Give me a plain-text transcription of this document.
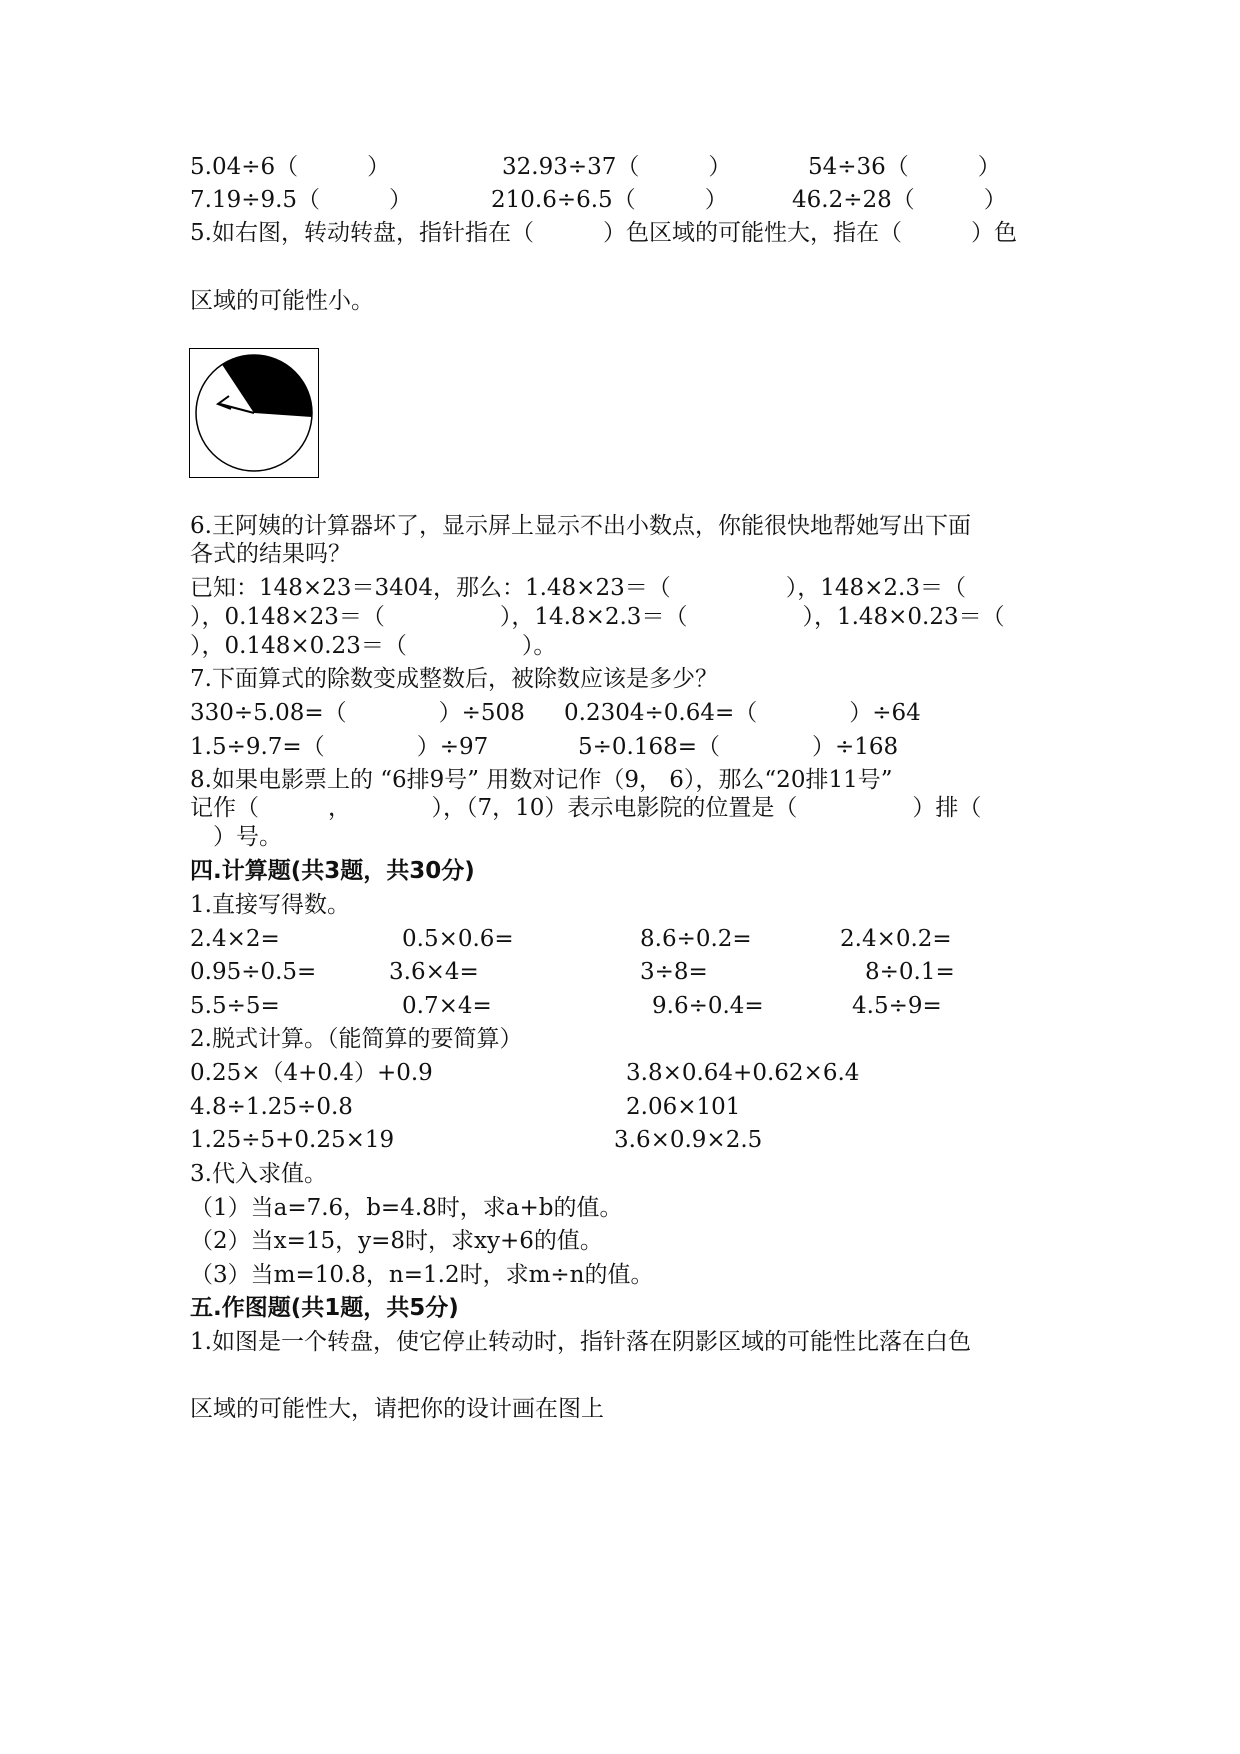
5.04÷6（　　　）	32.93÷37（　　　）	54÷36（　　　）
7.19÷9.5（　　　）	210.6÷6.5（　　　）	46.2÷28（　　　）
5.如右图，转动转盘，指针指在（　　　）色区域的可能性大，指在（　　　）色
区域的可能性小。
6.王阿姨的计算器坏了，显示屏上显示不出小数点，你能很快地帮她写出下面
各式的结果吗？
已知：148×23＝3404，那么：1.48×23＝（　　　　　），148×2.3＝（
），0.148×23＝（　　　　　），14.8×2.3＝（　　　　　），1.48×0.23＝（
），0.148×0.23＝（　　　　　）。
7.下面算式的除数变成整数后，被除数应该是多少？
330÷5.08=（　　　　）÷508 0.2304÷0.64=（　　　　）÷64
1.5÷9.7=（　　　　）÷97	5÷0.168=（　　　　）÷168
8.如果电影票上的 “6排9号” 用数对记作（9， 6），那么“20排11号”
记作（　　　，　　　　），（7，10）表示电影院的位置是（　　　　　）排（
　）号。
四.计算题(共3题，共30分)
1.直接写得数。
2.4×2=	0.5×0.6=	8.6÷0.2=	2.4×0.2=
0.95÷0.5=	3.6×4=	3÷8=	8÷0.1=
5.5÷5=	0.7×4=	9.6÷0.4=	4.5÷9=
2.脱式计算。（能简算的要简算）
0.25×（4+0.4）+0.9	3.8×0.64+0.62×6.4
4.8÷1.25÷0.8	2.06×101
1.25÷5+0.25×19	3.6×0.9×2.5
3.代入求值。
（1）当a=7.6，b=4.8时，求a+b的值。
（2）当x=15，y=8时，求xy+6的值。
（3）当m=10.8，n=1.2时，求m÷n的值。
五.作图题(共1题，共5分)
1.如图是一个转盘，使它停止转动时，指针落在阴影区域的可能性比落在白色
区域的可能性大，请把你的设计画在图上
